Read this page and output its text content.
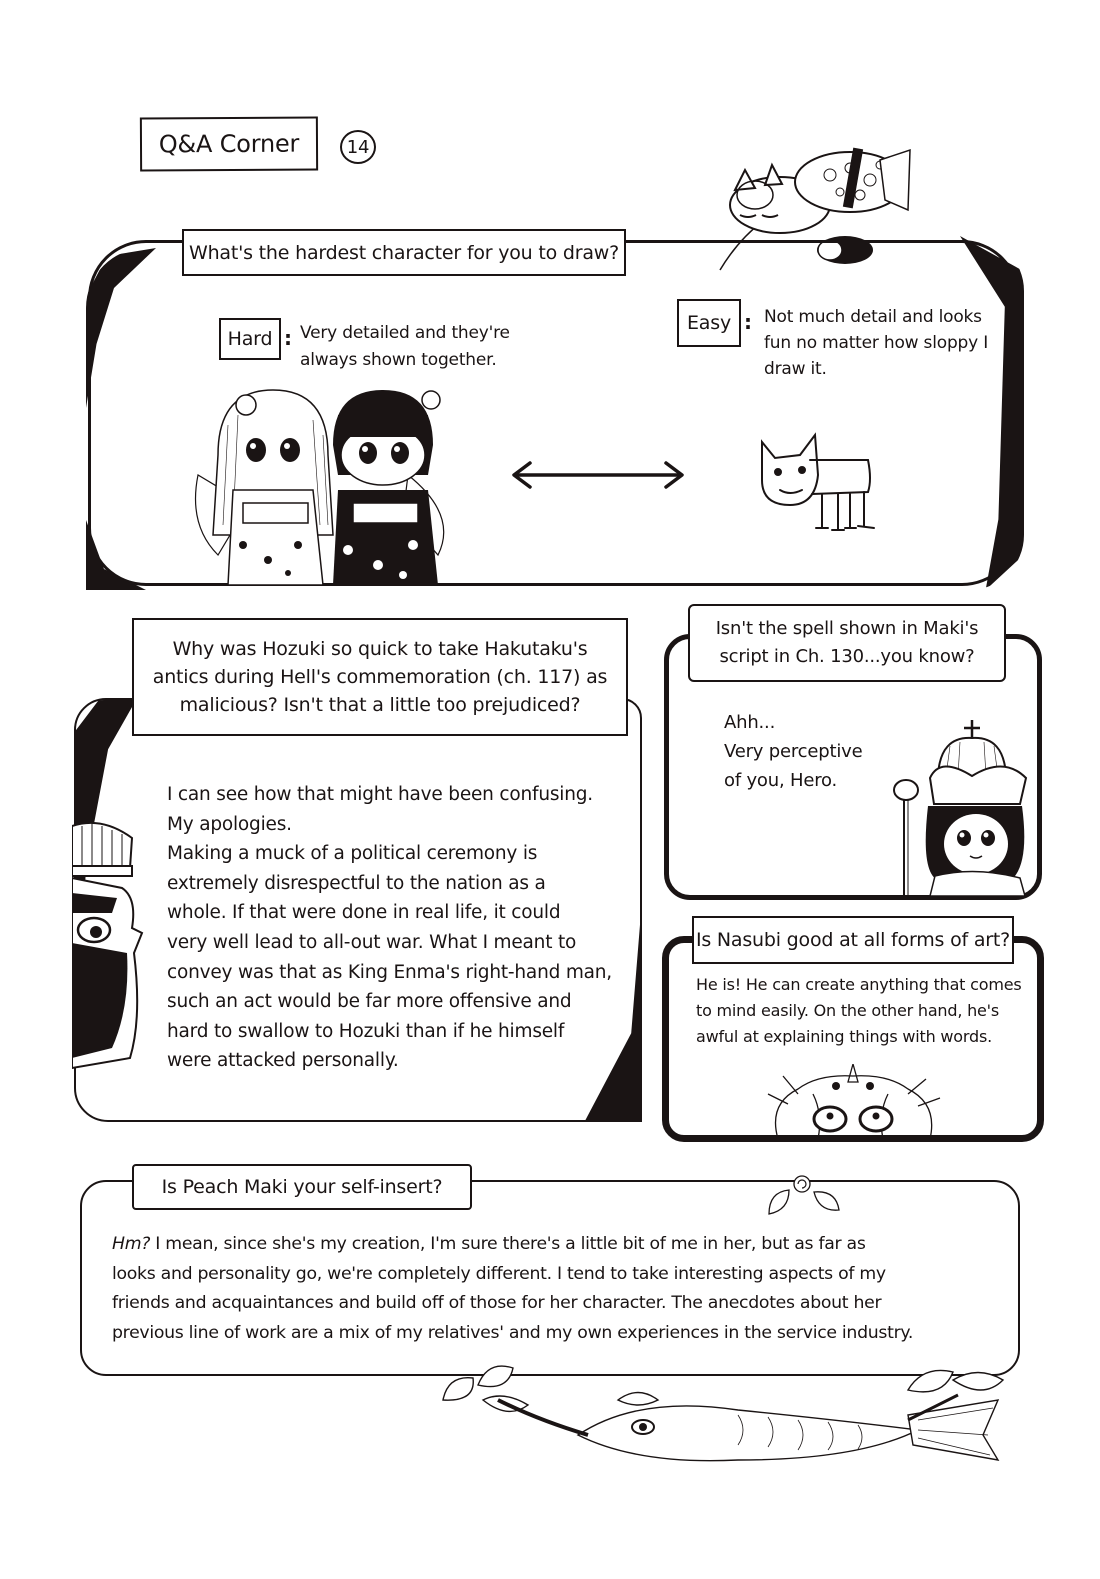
Q&A Corner	14
What's the hardest character for you to draw?
Hard : Very detailed and they're always shown together.
Easy : Not much detail and looks fun no matter how sloppy I draw it.
Why was Hozuki so quick to take Hakutaku's antics during Hell's commemoration (ch. 117) as malicious? Isn't that a little too prejudiced?
I can see how that might have been confusing.
My apologies.
Making a muck of a political ceremony is
extremely disrespectful to the nation as a
whole. If that were done in real life, it could
very well lead to all-out war. What I meant to
convey was that as King Enma's right-hand man,
such an act would be far more offensive and
hard to swallow to Hozuki than if he himself
were attacked personally.
Isn't the spell shown in Maki's
script in Ch. 130...you know?
Ahh...
Very perceptive
of you, Hero.
Is Nasubi good at all forms of art?
He is! He can create anything that comes
to mind easily. On the other hand, he's
awful at explaining things with words.
Is Peach Maki your self-insert?
Hm? I mean, since she's my creation, I'm sure there's a little bit of me in her, but as far as
looks and personality go, we're completely different. I tend to take interesting aspects of my
friends and acquaintances and build off of those for her character. The anecdotes about her
previous line of work are a mix of my relatives' and my own experiences in the service industry.
